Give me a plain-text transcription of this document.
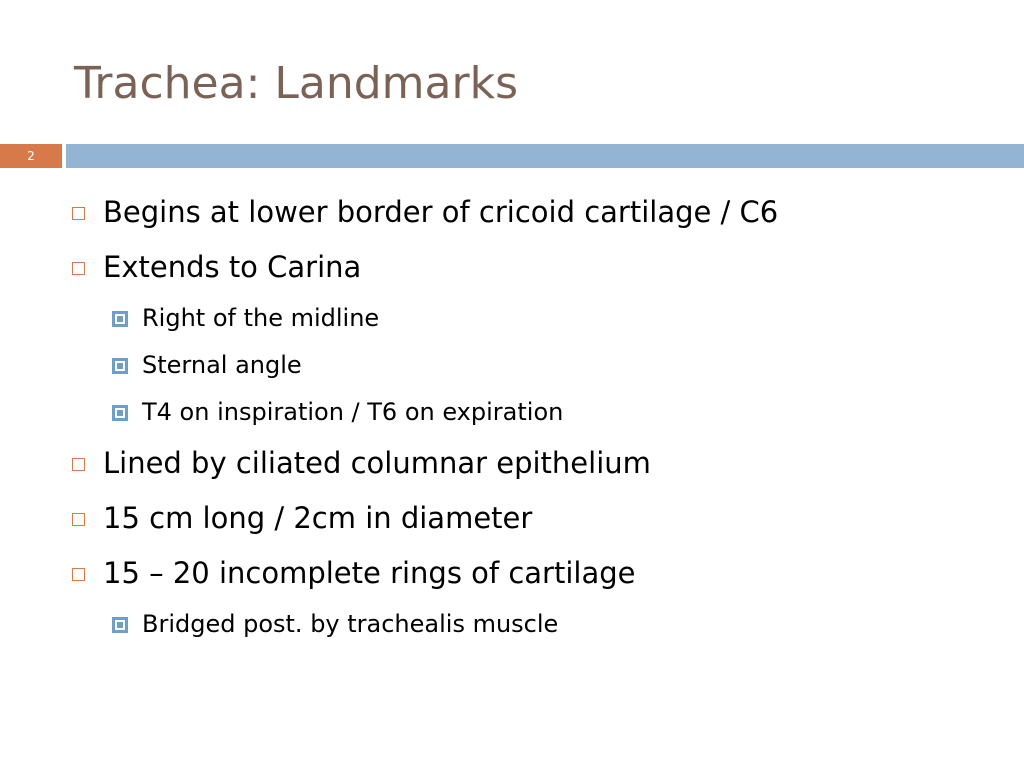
Trachea: Landmarks
2
Begins at lower border of cricoid cartilage / C6
Extends to Carina
Right of the midline
Sternal angle
T4 on inspiration / T6 on expiration
Lined by ciliated columnar epithelium
15 cm long / 2cm in diameter
15 – 20 incomplete rings of cartilage
Bridged post. by trachealis muscle
